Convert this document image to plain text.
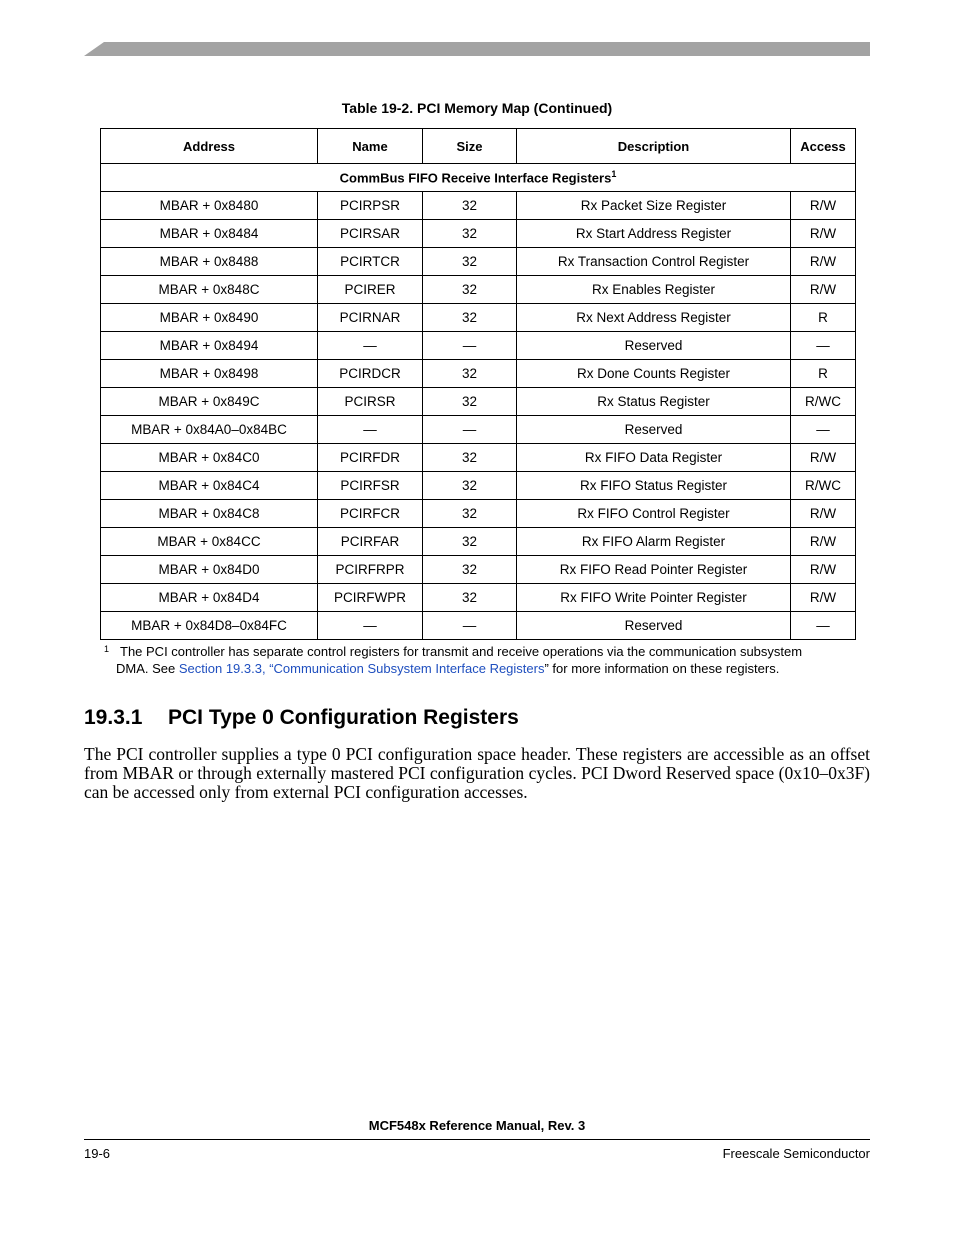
Table 19-2. PCI Memory Map (Continued)
Address	Name	Size	Description	Access
CommBus FIFO Receive Interface Registers$^1$
MBAR + 0x8480	PCIRPSR	32	Rx Packet Size Register	R/W
MBAR + 0x8484	PCIRSAR	32	Rx Start Address Register	R/W
MBAR + 0x8488	PCIRTCR	32	Rx Transaction Control Register	R/W
MBAR + 0x848C	PCIRER	32	Rx Enables Register	R/W
MBAR + 0x8490	PCIRNAR	32	Rx Next Address Register	R
MBAR + 0x8494	—	—	Reserved	—
MBAR + 0x8498	PCIRDCR	32	Rx Done Counts Register	R
MBAR + 0x849C	PCIRSR	32	Rx Status Register	R/WC
MBAR + 0x84A0–0x84BC	—	—	Reserved	—
MBAR + 0x84C0	PCIRFDR	32	Rx FIFO Data Register	R/W
MBAR + 0x84C4	PCIRFSR	32	Rx FIFO Status Register	R/WC
MBAR + 0x84C8	PCIRFCR	32	Rx FIFO Control Register	R/W
MBAR + 0x84CC	PCIRFAR	32	Rx FIFO Alarm Register	R/W
MBAR + 0x84D0	PCIRFRPR	32	Rx FIFO Read Pointer Register	R/W
MBAR + 0x84D4	PCIRFWPR	32	Rx FIFO Write Pointer Register	R/W
MBAR + 0x84D8–0x84FC	—	—	Reserved	—
1 The PCI controller has separate control registers for transmit and receive operations via the communication subsystem
DMA. See Section 19.3.3, “Communication Subsystem Interface Registers” for more information on these registers.
19.3.1 PCI Type 0 Configuration Registers
The PCI controller supplies a type 0 PCI configuration space header. These registers are accessible as an offset from MBAR or through externally mastered PCI configuration cycles. PCI Dword Reserved space (0x10–0x3F) can be accessed only from external PCI configuration accesses.
MCF548x Reference Manual, Rev. 3
19-6	Freescale Semiconductor
